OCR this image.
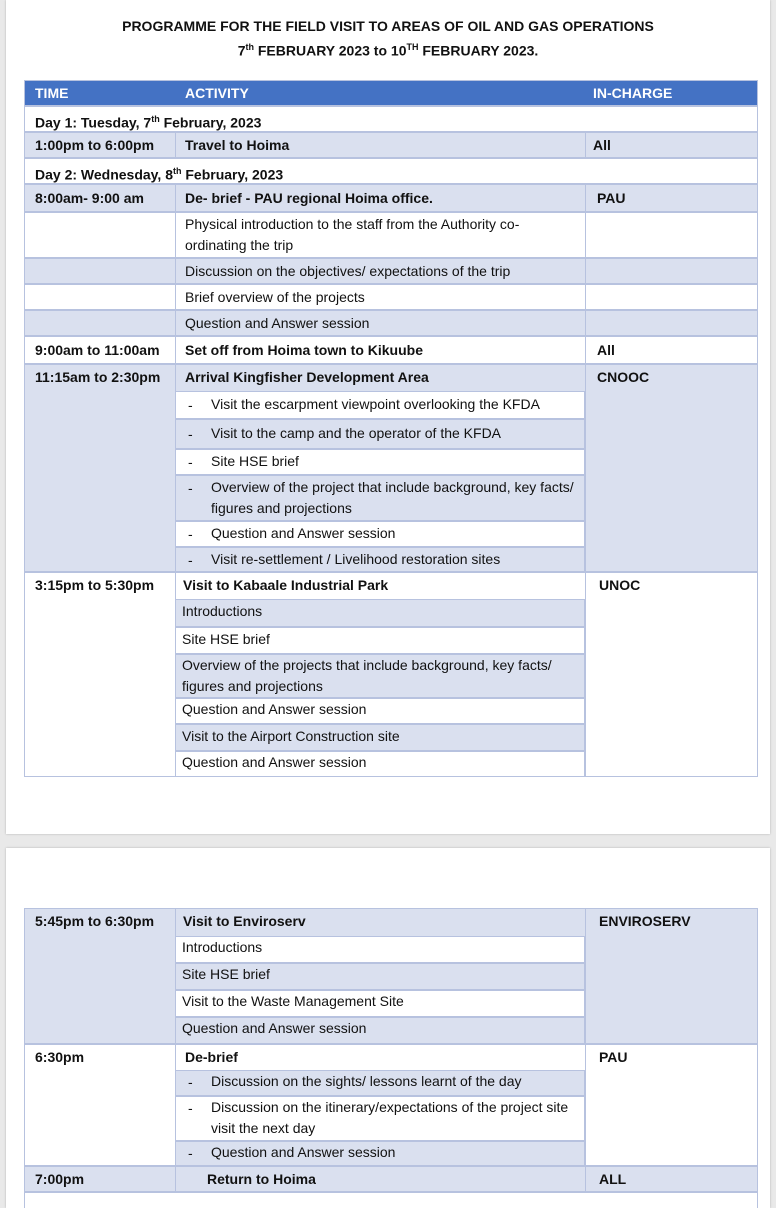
PROGRAMME FOR THE FIELD VISIT TO AREAS OF OIL AND GAS OPERATIONS
7th FEBRUARY 2023 to 10TH FEBRUARY 2023.
TIME	ACTIVITY	IN-CHARGE
Day 1: Tuesday, 7th February, 2023
1:00pm to 6:00pm Travel to Hoima	All
Day 2: Wednesday, 8th February, 2023
8:00am- 9:00 am	De- brief - PAU regional Hoima office.	PAU
Physical introduction to the staff from the Authority co-ordinating the trip
Discussion on the objectives/ expectations of the trip
Brief overview of the projects
Question and Answer session
9:00am to 11:00am Set off from Hoima town to Kikuube	All
11:15am to 2:30pm Arrival Kingfisher Development Area	CNOOC
- Visit the escarpment viewpoint overlooking the KFDA
- Visit to the camp and the operator of the KFDA
- Site HSE brief
- Overview of the project that include background, key facts/ figures and projections
- Question and Answer session
- Visit re-settlement / Livelihood restoration sites
3:15pm to 5:30pm Visit to Kabaale Industrial Park	UNOC
Introductions
Site HSE brief
Overview of the projects that include background, key facts/ figures and projections
Question and Answer session
Visit to the Airport Construction site
Question and Answer session
5:45pm to 6:30pm Visit to Enviroserv	ENVIROSERV
Introductions
Site HSE brief
Visit to the Waste Management Site
Question and Answer session
6:30pm	De-brief	PAU
- Discussion on the sights/ lessons learnt of the day
- Discussion on the itinerary/expectations of the project site visit the next day
- Question and Answer session
7:00pm	Return to Hoima	ALL
